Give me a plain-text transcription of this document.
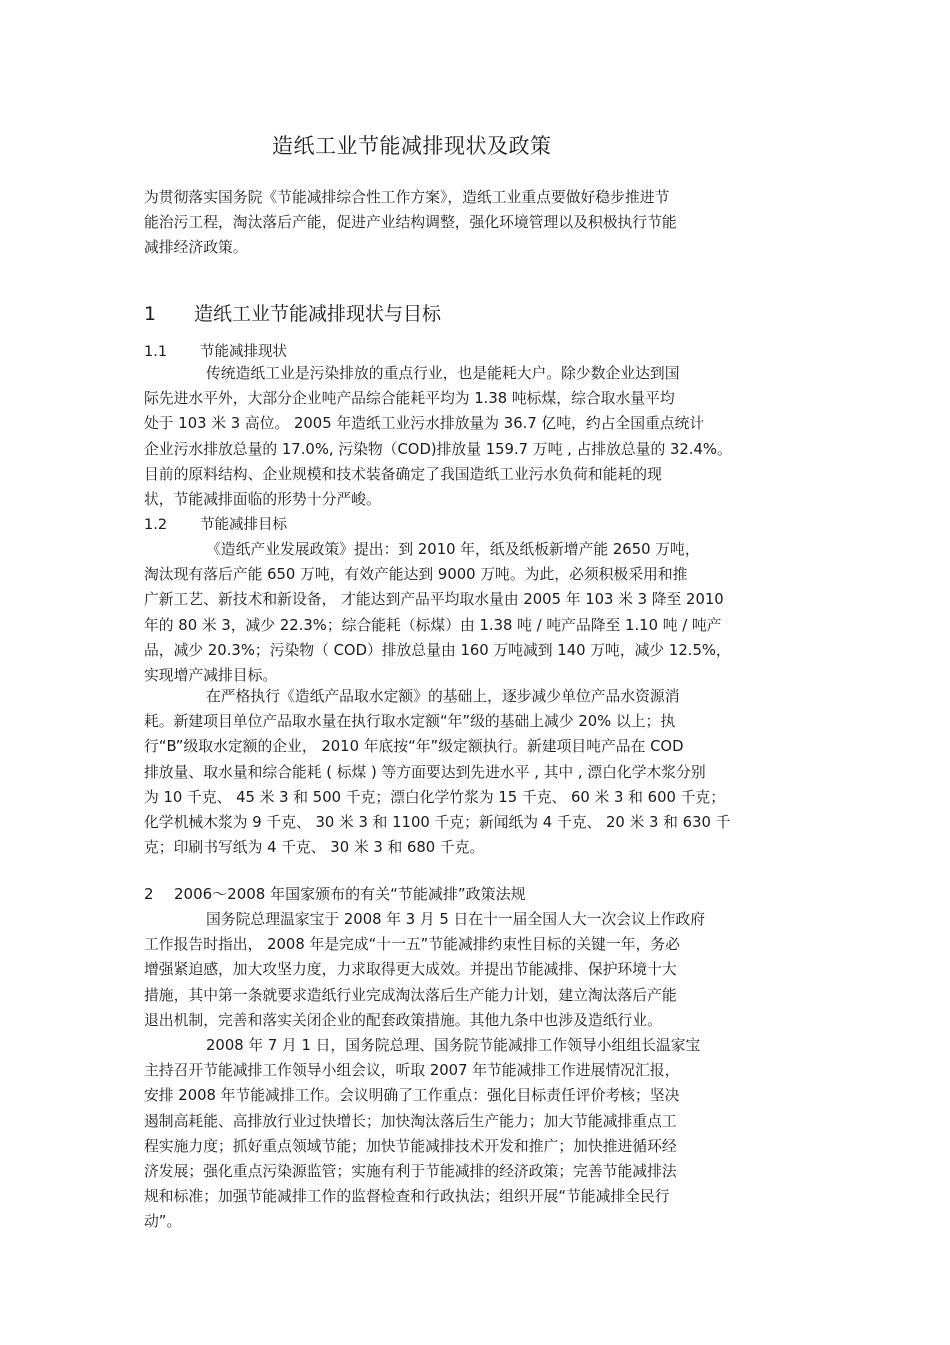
造纸工业节能减排现状及政策
为贯彻落实国务院《节能减排综合性工作方案》，造纸工业重点要做好稳步推进节
能治污工程，淘汰落后产能，促进产业结构调整，强化环境管理以及积极执行节能
减排经济政策。
1 造纸工业节能减排现状与目标
1.1 节能减排现状
传统造纸工业是污染排放的重点行业，也是能耗大户。除少数企业达到国
际先进水平外，大部分企业吨产品综合能耗平均为 1.38 吨标煤，综合取水量平均
处于 103 米 3 高位。 2005 年造纸工业污水排放量为 36.7 亿吨，约占全国重点统计
企业污水排放总量的 17.0%, 污染物（COD)排放量 159.7 万吨 , 占排放总量的 32.4%。
目前的原料结构、企业规模和技术装备确定了我国造纸工业污水负荷和能耗的现
状，节能减排面临的形势十分严峻。
1.2 节能减排目标
《造纸产业发展政策》提出：到 2010 年，纸及纸板新增产能 2650 万吨，
淘汰现有落后产能 650 万吨，有效产能达到 9000 万吨。为此，必须积极采用和推
广新工艺、新技术和新设备， 才能达到产品平均取水量由 2005 年 103 米 3 降至 2010
年的 80 米 3，减少 22.3%；综合能耗（标煤）由 1.38 吨 / 吨产品降至 1.10 吨 / 吨产
品，减少 20.3%；污染物（ COD）排放总量由 160 万吨减到 140 万吨，减少 12.5%，
实现增产减排目标。
在严格执行《造纸产品取水定额》的基础上，逐步减少单位产品水资源消
耗。新建项目单位产品取水量在执行取水定额“年”级的基础上减少 20% 以上；执
行“B”级取水定额的企业， 2010 年底按“年”级定额执行。新建项目吨产品在 COD
排放量、取水量和综合能耗 ( 标煤 ) 等方面要达到先进水平 , 其中 , 漂白化学木浆分别
为 10 千克、 45 米 3 和 500 千克；漂白化学竹浆为 15 千克、 60 米 3 和 600 千克；
化学机械木浆为 9 千克、 30 米 3 和 1100 千克；新闻纸为 4 千克、 20 米 3 和 630 千
克；印刷书写纸为 4 千克、 30 米 3 和 680 千克。
2 2006～2008 年国家颁布的有关“节能减排”政策法规
国务院总理温家宝于 2008 年 3 月 5 日在十一届全国人大一次会议上作政府
工作报告时指出， 2008 年是完成“十一五”节能减排约束性目标的关键一年，务必
增强紧迫感，加大攻坚力度，力求取得更大成效。并提出节能减排、保护环境十大
措施，其中第一条就要求造纸行业完成淘汰落后生产能力计划，建立淘汰落后产能
退出机制，完善和落实关闭企业的配套政策措施。其他九条中也涉及造纸行业。
2008 年 7 月 1 日，国务院总理、国务院节能减排工作领导小组组长温家宝
主持召开节能减排工作领导小组会议，听取 2007 年节能减排工作进展情况汇报，
安排 2008 年节能减排工作。会议明确了工作重点：强化目标责任评价考核；坚决
遏制高耗能、高排放行业过快增长；加快淘汰落后生产能力；加大节能减排重点工
程实施力度；抓好重点领域节能；加快节能减排技术开发和推广；加快推进循环经
济发展；强化重点污染源监管；实施有利于节能减排的经济政策；完善节能减排法
规和标准；加强节能减排工作的监督检查和行政执法；组织开展“节能减排全民行
动”。
